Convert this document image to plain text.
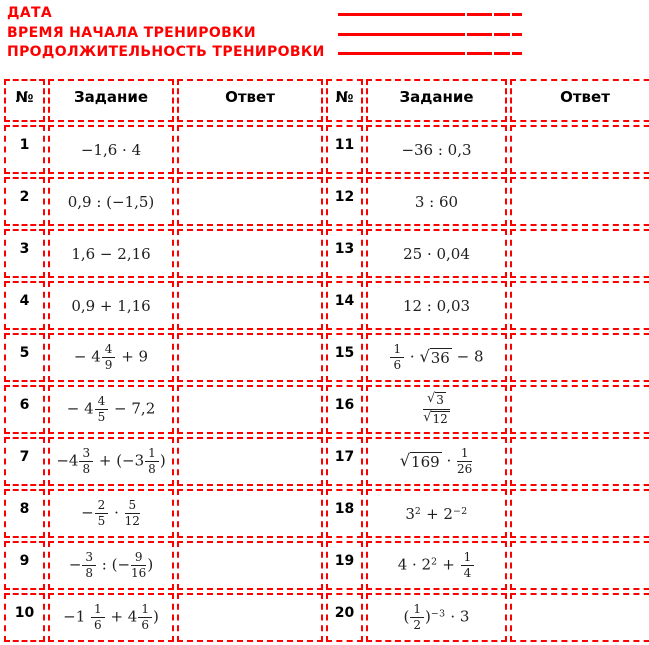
ДАТА
ВРЕМЯ НАЧАЛА ТРЕНИРОВКИ
ПРОДОЛЖИТЕЛЬНОСТЬ ТРЕНИРОВКИ
№	Задание	Ответ	№	Задание	Ответ
1	−1,6 · 4		11	−36 : 0,3	
2	0,9 : (−1,5)		12	3 : 60	
3	1,6 − 2,16		13	25 · 0,04	
4	0,9 + 1,16		14	12 : 0,03	
5	− $4 \frac{4}{9} + 9$		15	$\frac{1}{6}$ · √ 36 − 8	
6	− $4 \frac{4}{5} - 7,2$		16	$\frac{√ 3}{√ 12}$

7	$-4 \frac{3}{8} + (-3 \frac{1}{8}$ )		17	√ $169 \cdot \frac{1}{26}$

8	− $\frac{2}{5} \cdot \frac{5}{12}$		18	$3^2 + 2^{-2}$	
9	− $\frac{3}{8}$ : (− $\frac{9}{16}$ )		19	$4 \cdot 2^2 + \frac{1}{4}$

10	$-1 \frac{1}{6} + 4 \frac{1}{6}$ )		20	( $\frac{1}{2} )^{-3} \cdot 3$	
